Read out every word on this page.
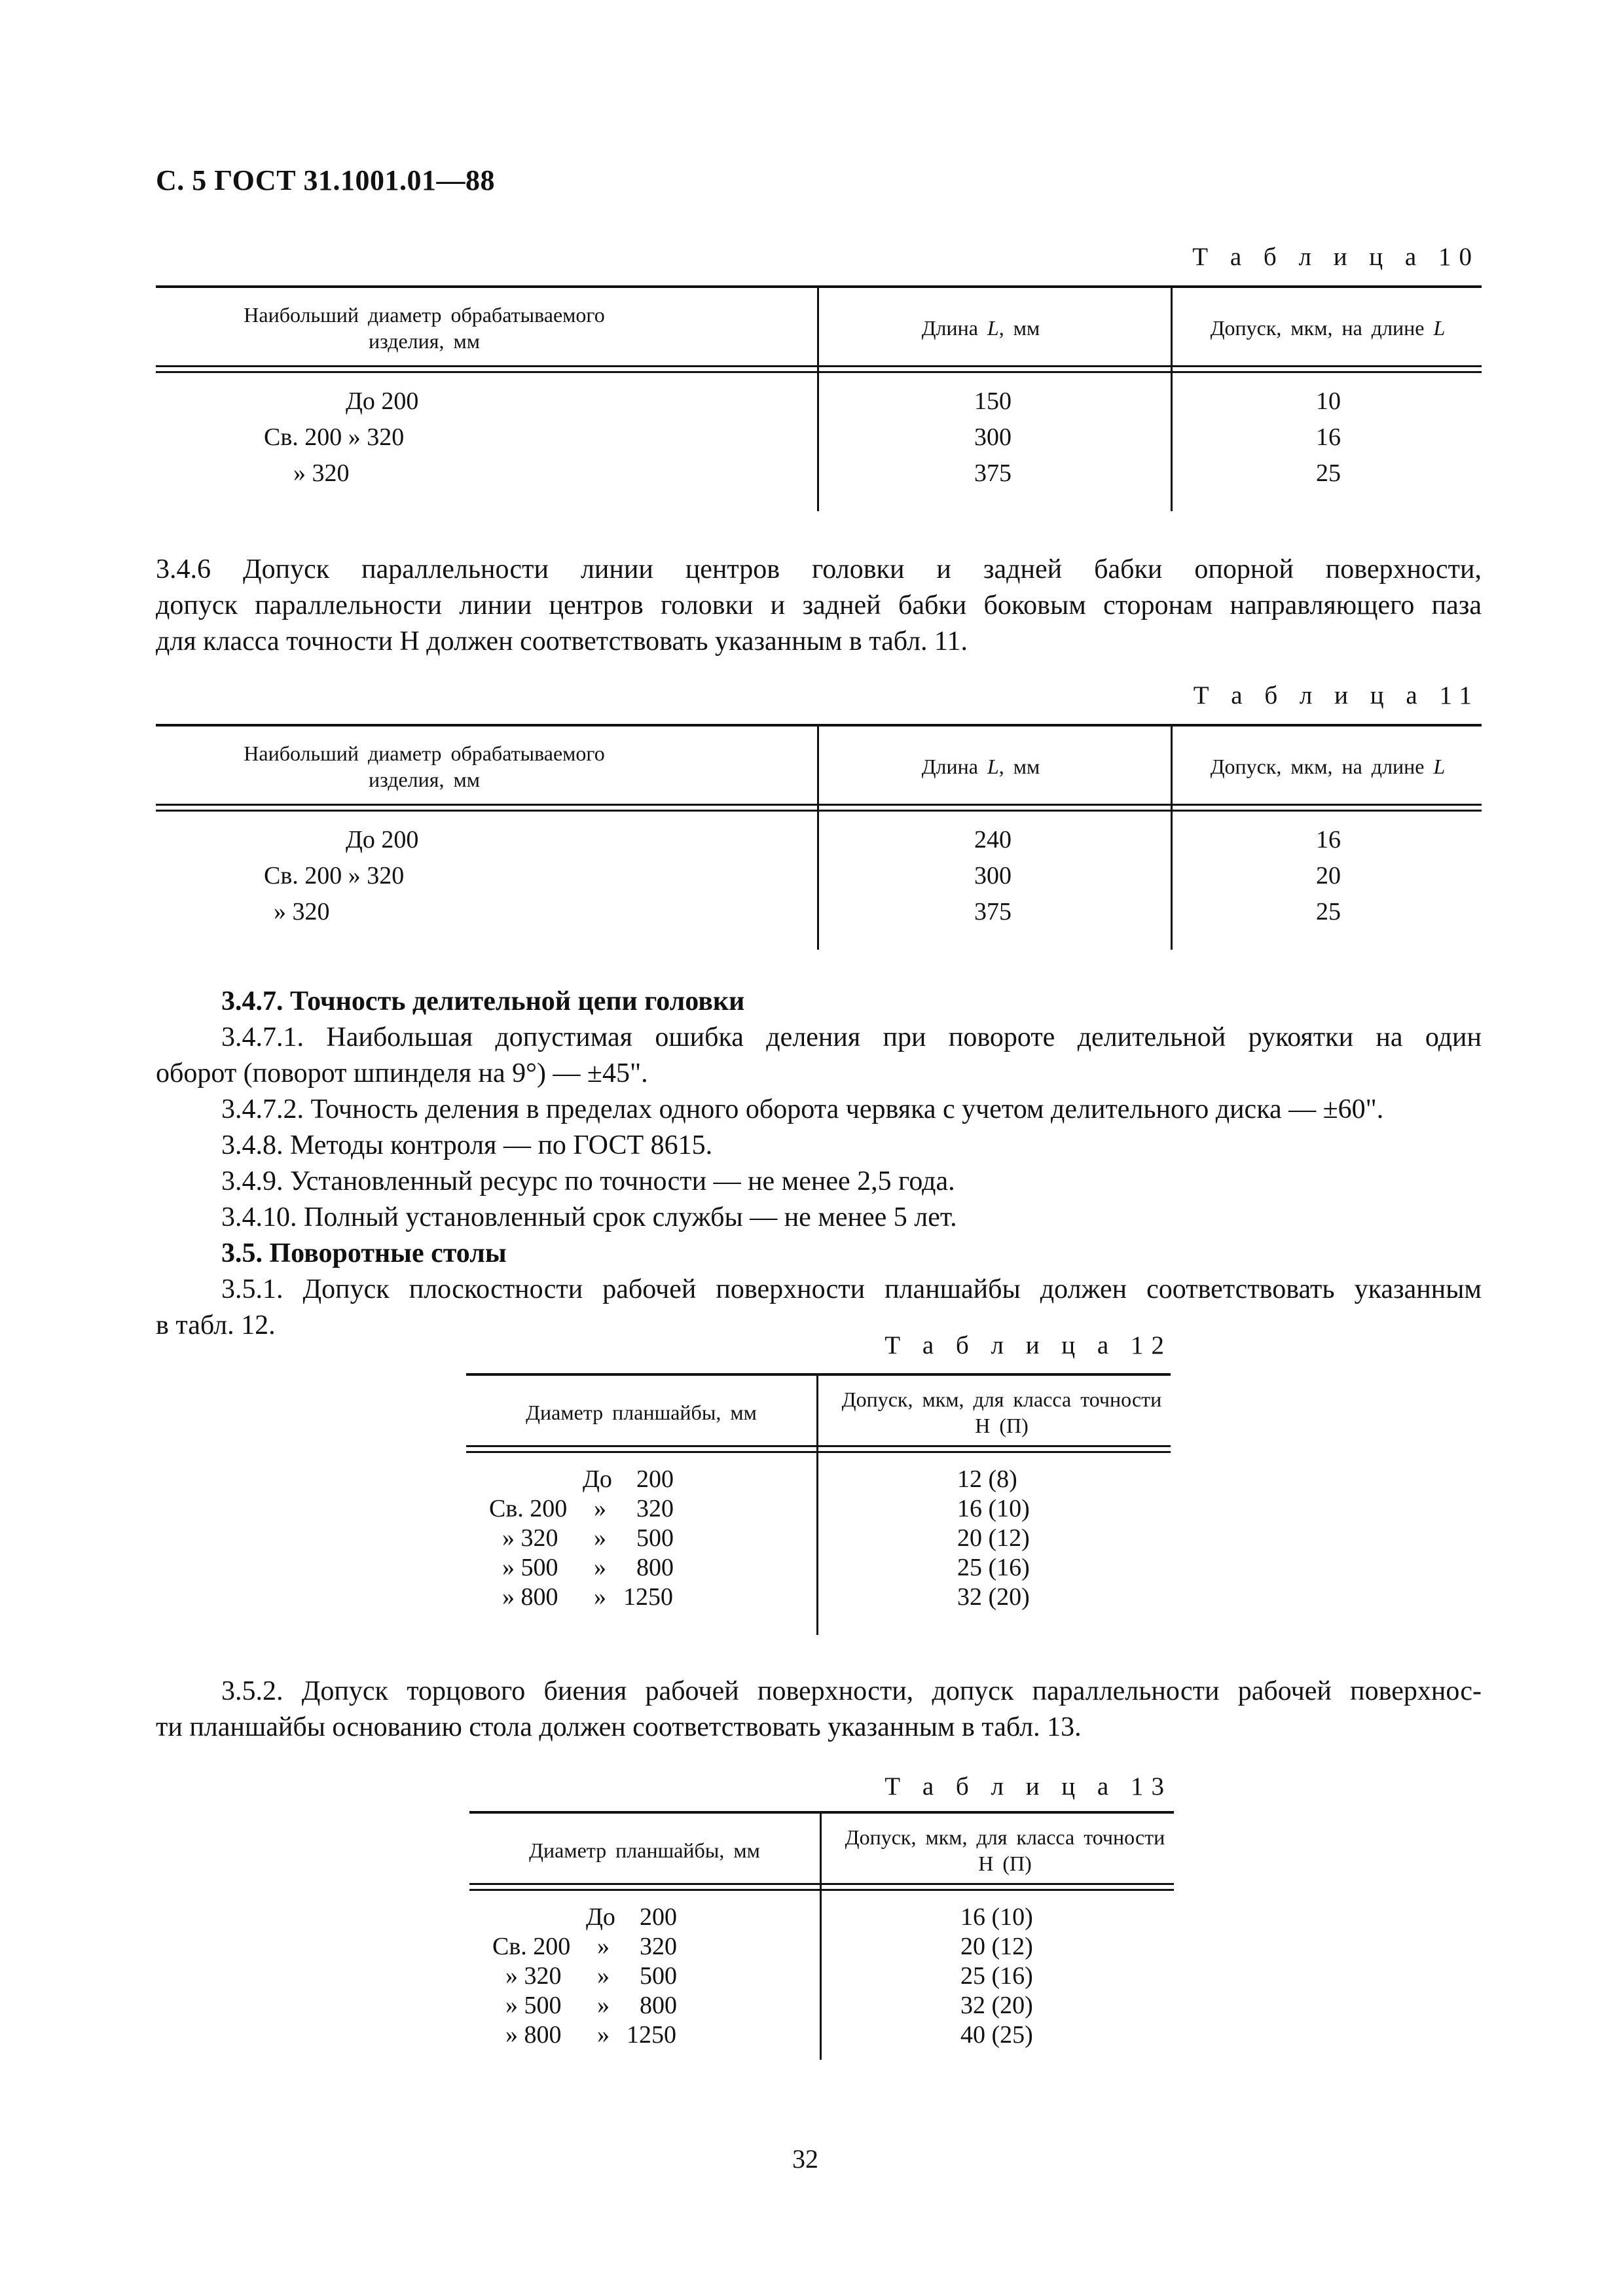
С. 5 ГОСТ 31.1001.01—88
Т а б л и ц а 10
Наибольший диаметр обрабатываемого изделия, мм
Длина L, мм	Допуск, мкм, на длине L
До 200	150	10
Св. 200 » 320	300	16
» 320	375	25
3.4.6 Допуск параллельности линии центров головки и задней бабки опорной поверхности,
допуск параллельности линии центров головки и задней бабки боковым сторонам направляющего паза
для класса точности Н должен соответствовать указанным в табл. 11.
Т а б л и ц а 11
Наибольший диаметр обрабатываемого изделия, мм
Длина L, мм	Допуск, мкм, на длине L
До 200	240	16
Св. 200 » 320	300	20
» 320	375	25
3.4.7. Точность делительной цепи головки
3.4.7.1. Наибольшая допустимая ошибка деления при повороте делительной рукоятки на один
оборот (поворот шпинделя на 9°) — ±45".
3.4.7.2. Точность деления в пределах одного оборота червяка с учетом делительного диска — ±60".
3.4.8. Методы контроля — по ГОСТ 8615.
3.4.9. Установленный ресурс по точности — не менее 2,5 года.
3.4.10. Полный установленный срок службы — не менее 5 лет.
3.5. Поворотные столы
3.5.1. Допуск плоскостности рабочей поверхности планшайбы должен соответствовать указанным
в табл. 12.
Т а б л и ц а 12
Диаметр планшайбы, мм
Допуск, мкм, для класса точности Н (П)
До 200	12 (8)
Св. 200 » 320	16 (10)
» 320 » 500	20 (12)
» 500 » 800	25 (16)
» 800 » 1250	32 (20)
3.5.2. Допуск торцового биения рабочей поверхности, допуск параллельности рабочей поверхнос-
ти планшайбы основанию стола должен соответствовать указанным в табл. 13.
Т а б л и ц а 13
Диаметр планшайбы, мм
Допуск, мкм, для класса точности Н (П)
До 200	16 (10)
Св. 200 » 320	20 (12)
» 320 » 500	25 (16)
» 500 » 800	32 (20)
» 800 » 1250	40 (25)
32
